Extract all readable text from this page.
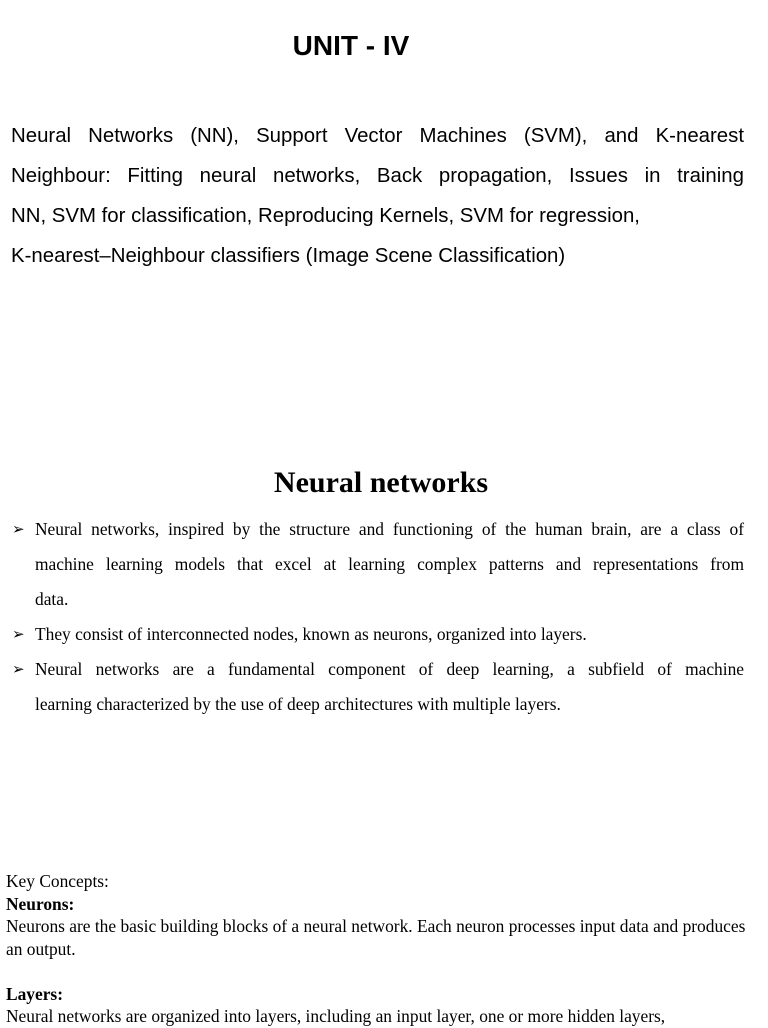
UNIT - IV
Neural Networks (NN), Support Vector Machines (SVM), and K-nearest
Neighbour: Fitting neural networks, Back propagation, Issues in training
NN, SVM for classification, Reproducing Kernels, SVM for regression,
K-nearest–Neighbour classifiers (Image Scene Classification)
Neural networks
➢ Neural networks, inspired by the structure and functioning of the human brain, are a class of
machine learning models that excel at learning complex patterns and representations from
data.
➢ They consist of interconnected nodes, known as neurons, organized into layers.
➢ Neural networks are a fundamental component of deep learning, a subfield of machine
learning characterized by the use of deep architectures with multiple layers.

Key Concepts:

Neurons:

Neurons are the basic building blocks of a neural network. Each neuron processes input data and produces an output.

Layers:

Neural networks are organized into layers, including an input layer, one or more hidden layers,
